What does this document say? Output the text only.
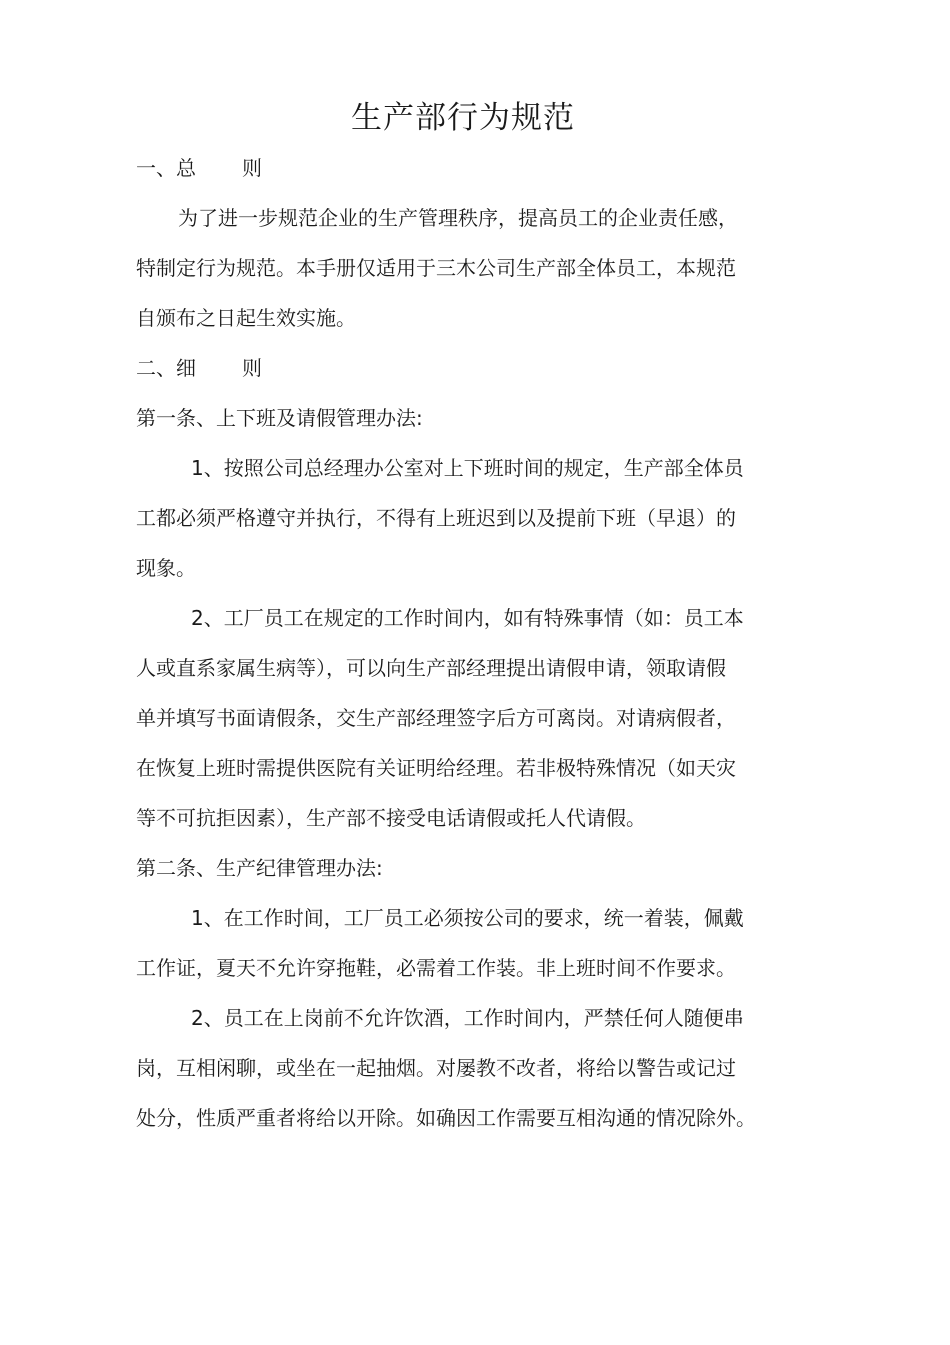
生产部行为规范
一、总 则
为了进一步规范企业的生产管理秩序，提高员工的企业责任感，
特制定行为规范。本手册仅适用于三木公司生产部全体员工，本规范
自颁布之日起生效实施。
二、细 则
第一条、上下班及请假管理办法:
1、按照公司总经理办公室对上下班时间的规定，生产部全体员
工都必须严格遵守并执行，不得有上班迟到以及提前下班（早退）的
现象。
2、工厂员工在规定的工作时间内，如有特殊事情（如：员工本
人或直系家属生病等），可以向生产部经理提出请假申请，领取请假
单并填写书面请假条，交生产部经理签字后方可离岗。对请病假者，
在恢复上班时需提供医院有关证明给经理。若非极特殊情况（如天灾
等不可抗拒因素），生产部不接受电话请假或托人代请假。
第二条、生产纪律管理办法:
1、在工作时间，工厂员工必须按公司的要求，统一着装，佩戴
工作证，夏天不允许穿拖鞋，必需着工作装。非上班时间不作要求。
2、员工在上岗前不允许饮酒，工作时间内，严禁任何人随便串
岗，互相闲聊，或坐在一起抽烟。对屡教不改者，将给以警告或记过
处分，性质严重者将给以开除。如确因工作需要互相沟通的情况除外。
